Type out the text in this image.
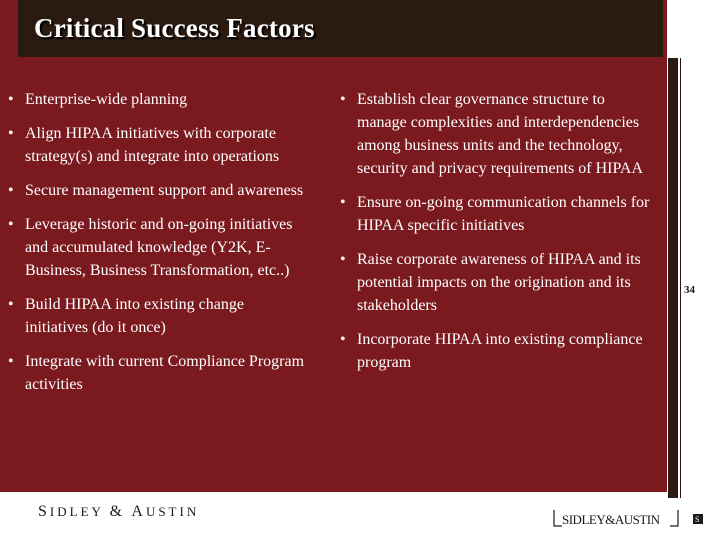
Critical Success Factors
• Enterprise-wide planning
• Align HIPAA initiatives with corporate strategy(s) and integrate into operations
• Secure management support and awareness
• Leverage historic and on-going initiatives and accumulated knowledge (Y2K, E-Business, Business Transformation, etc..)
• Build HIPAA into existing change initiatives (do it once)
• Integrate with current Compliance Program activities
• Establish clear governance structure to manage complexities and interdependencies among business units and the technology, security and privacy requirements of HIPAA
• Ensure on-going communication channels for HIPAA specific initiatives
• Raise corporate awareness of HIPAA and its potential impacts on the origination and its stakeholders
• Incorporate HIPAA into existing compliance program

34

SIDLEY & AUSTIN
SIDLEY&AUSTIN	S
